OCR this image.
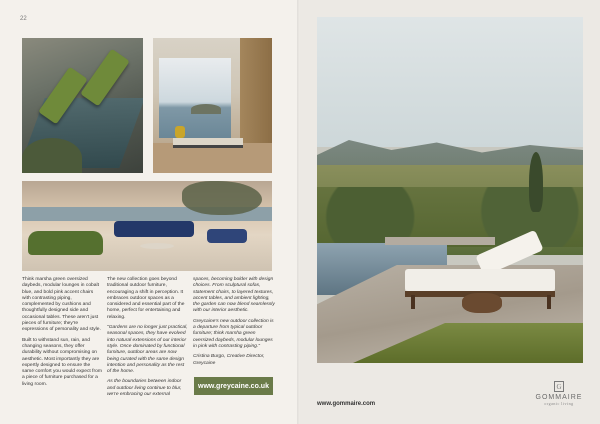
22

Think marsha green oversized daybeds, modular lounges in cobalt blue, and bold pink accent chairs with contrasting piping, complemented by cushions and thoughtfully designed side and occasional tables. These aren't just pieces of furniture; they're expressions of personality and style.

Built to withstand sun, rain, and changing seasons, they offer durability without compromising on aesthetic. Most importantly they are expertly designed to ensure the same comfort you would expect from a piece of furniture purchased for a living room.

The new collection goes beyond traditional outdoor furniture, encouraging a shift in perception. It embraces outdoor spaces as a considered and essential part of the home, perfect for entertaining and relaxing.

"Gardens are no longer just practical, seasonal spaces, they have evolved into natural extensions of our interior style. Once dominated by functional furniture, outdoor areas are now being curated with the same design intention and personality as the rest of the home.

As the boundaries between indoor and outdoor living continue to blur, we're embracing our external

spaces, becoming bolder with design choices. From sculptural sofas, statement chairs, to layered textures, accent tables, and ambient lighting, the garden can now blend seamlessly with our interior aesthetic.

Greycaine's new outdoor collection is a departure from typical outdoor furniture; think marsha green oversized daybeds, modular lounges in pink with contrasting piping."

Cristina Burgo, Creative Director, Greycaine

www.greycaine.co.uk
www.gommaire.com
G
GOMMAIRE
organic living
